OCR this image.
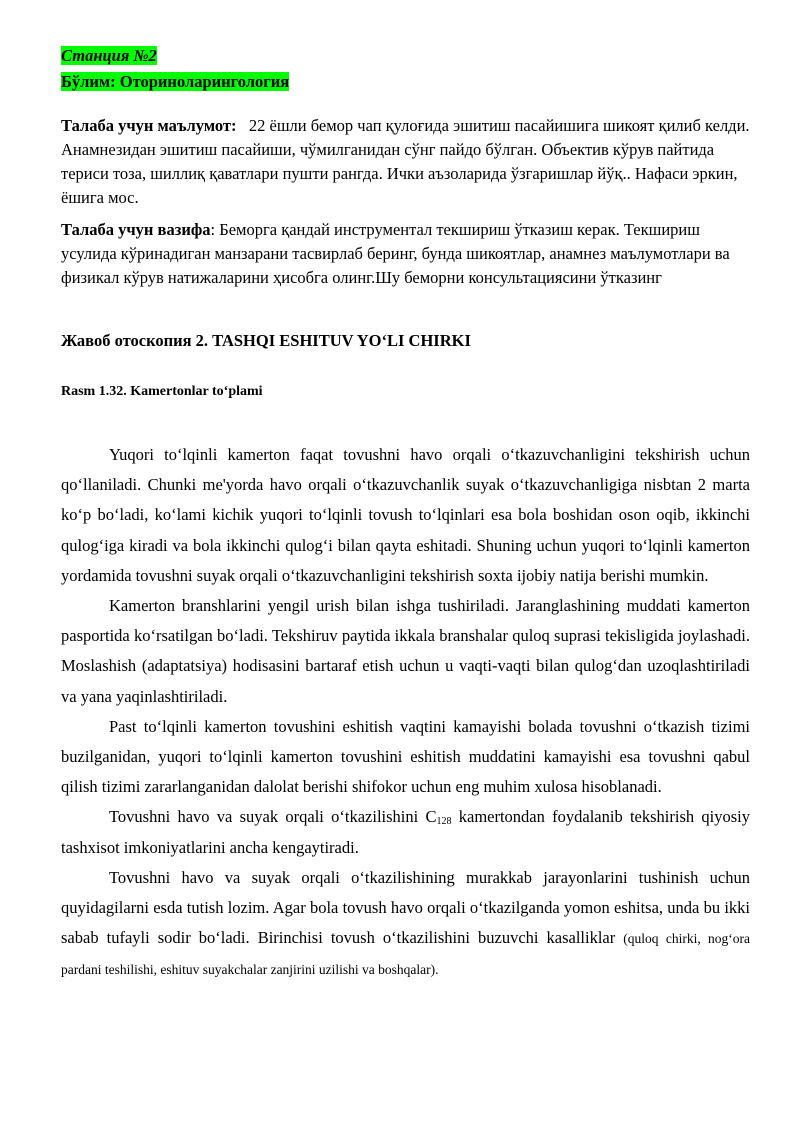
Станция №2
Бўлим: Оториноларингология
Талаба учун маълумот: 22 ёшли бемор чап қулоғида эшитиш пасайишига шикоят қилиб келди. Анамнезидан эшитиш пасайиши, чўмилганидан сўнг пайдо бўлган. Объектив кўрув пайтида териси тоза, шиллиқ қаватлари пушти рангда. Ички аъзоларида ўзгаришлар йўқ.. Нафаси эркин, ёшига мос.
Талаба учун вазифа: Беморга қандай инструментал текшириш ўтказиш керак. Текшириш усулида кўринадиган манзарани тасвирлаб беринг, бунда шикоятлар, анамнез маълумотлари ва физикал кўрув натижаларини ҳисобга олинг.Шу беморни консультациясини ўтказинг
Жавоб отоскопия 2. TASHQI ESHITUV YO‘LI CHIRKI
Rasm 1.32. Kamertonlar to‘plami

Yuqori to‘lqinli kamerton faqat tovushni havo orqali o‘tkazuvchanligini tekshirish uchun qo‘llaniladi. Chunki me'yorda havo orqali o‘tkazuvchanlik suyak o‘tkazuvchanligiga nisbtan 2 marta ko‘p bo‘ladi, ko‘lami kichik yuqori to‘lqinli tovush to‘lqinlari esa bola boshidan oson oqib, ikkinchi qulog‘iga kiradi va bola ikkinchi qulog‘i bilan qayta eshitadi. Shuning uchun yuqori to‘lqinli kamerton yordamida tovushni suyak orqali o‘tkazuvchanligini tekshirish soxta ijobiy natija berishi mumkin.

Kamerton branshlarini yengil urish bilan ishga tushiriladi. Jaranglashining muddati kamerton pasportida ko‘rsatilgan bo‘ladi. Tekshiruv paytida ikkala branshalar quloq suprasi tekisligida joylashadi. Moslashish (adaptatsiya) hodisasini bartaraf etish uchun u vaqti-vaqti bilan qulog‘dan uzoqlashtiriladi va yana yaqinlashtiriladi.

Past to‘lqinli kamerton tovushini eshitish vaqtini kamayishi bolada tovushni o‘tkazish tizimi buzilganidan, yuqori to‘lqinli kamerton tovushini eshitish muddatini kamayishi esa tovushni qabul qilish tizimi zararlanganidan dalolat berishi shifokor uchun eng muhim xulosa hisoblanadi.

Tovushni havo va suyak orqali o‘tkazilishini $C_{128}$ kamertondan foydalanib tekshirish qiyosiy tashxisot imkoniyatlarini ancha kengaytiradi.

Tovushni havo va suyak orqali o‘tkazilishining murakkab jarayonlarini tushinish uchun quyidagilarni esda tutish lozim. Agar bola tovush havo orqali o‘tkazilganda yomon eshitsa, unda bu ikki sabab tufayli sodir bo‘ladi. Birinchisi tovush o‘tkazilishini buzuvchi kasalliklar (quloq chirki, nog‘ora pardani teshilishi, eshituv suyakchalar zanjirini uzilishi va boshqalar).
